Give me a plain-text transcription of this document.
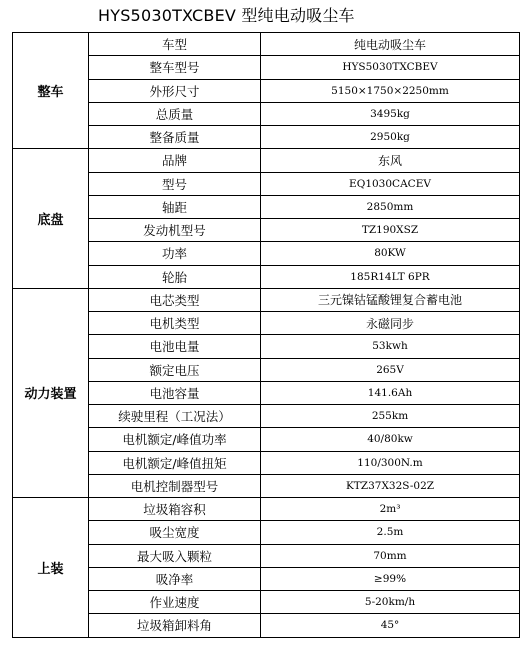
HYS5030TXCBEV 型纯电动吸尘车
整车	车型	纯电动吸尘车
	整车型号	HYS5030TXCBEV
	外形尺寸	5150×1750×2250mm
	总质量	3495kg
	整备质量	2950kg
底盘	品牌	东风
	型号	EQ1030CACEV
	轴距	2850mm
	发动机型号	TZ190XSZ
	功率	80KW
	轮胎	185R14LT 6PR
动力装置	电芯类型	三元镍钴锰酸锂复合蓄电池
	电机类型	永磁同步
	电池电量	53kwh
	额定电压	265V
	电池容量	141.6Ah
	续驶里程（工况法）	255km
	电机额定/峰值功率	40/80kw
	电机额定/峰值扭矩	110/300N.m
	电机控制器型号	KTZ37X32S-02Z
上装	垃圾箱容积	2m³
	吸尘宽度	2.5m
	最大吸入颗粒	70mm
	吸净率	≥99%
	作业速度	5-20km/h
	垃圾箱卸料角	45°
